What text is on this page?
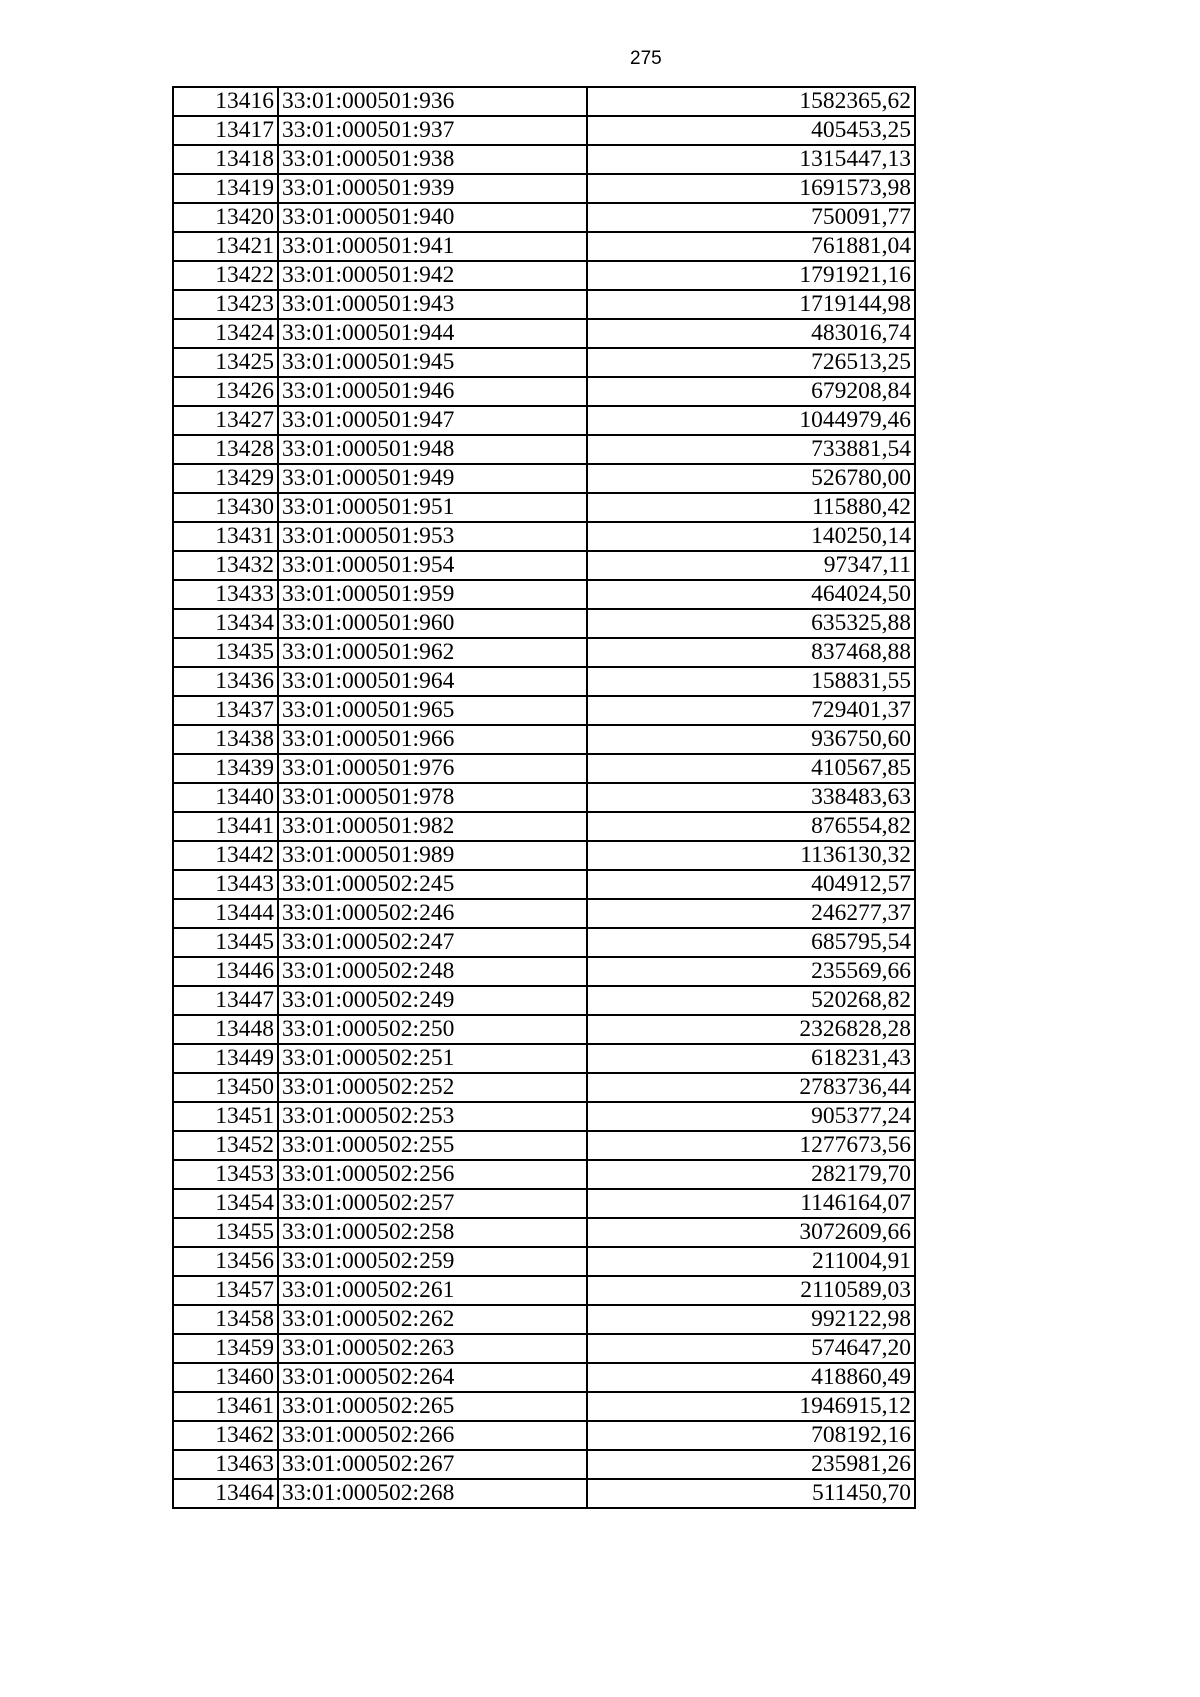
275
13416	33:01:000501:936	1582365,62
13417	33:01:000501:937	405453,25
13418	33:01:000501:938	1315447,13
13419	33:01:000501:939	1691573,98
13420	33:01:000501:940	750091,77
13421	33:01:000501:941	761881,04
13422	33:01:000501:942	1791921,16
13423	33:01:000501:943	1719144,98
13424	33:01:000501:944	483016,74
13425	33:01:000501:945	726513,25
13426	33:01:000501:946	679208,84
13427	33:01:000501:947	1044979,46
13428	33:01:000501:948	733881,54
13429	33:01:000501:949	526780,00
13430	33:01:000501:951	115880,42
13431	33:01:000501:953	140250,14
13432	33:01:000501:954	97347,11
13433	33:01:000501:959	464024,50
13434	33:01:000501:960	635325,88
13435	33:01:000501:962	837468,88
13436	33:01:000501:964	158831,55
13437	33:01:000501:965	729401,37
13438	33:01:000501:966	936750,60
13439	33:01:000501:976	410567,85
13440	33:01:000501:978	338483,63
13441	33:01:000501:982	876554,82
13442	33:01:000501:989	1136130,32
13443	33:01:000502:245	404912,57
13444	33:01:000502:246	246277,37
13445	33:01:000502:247	685795,54
13446	33:01:000502:248	235569,66
13447	33:01:000502:249	520268,82
13448	33:01:000502:250	2326828,28
13449	33:01:000502:251	618231,43
13450	33:01:000502:252	2783736,44
13451	33:01:000502:253	905377,24
13452	33:01:000502:255	1277673,56
13453	33:01:000502:256	282179,70
13454	33:01:000502:257	1146164,07
13455	33:01:000502:258	3072609,66
13456	33:01:000502:259	211004,91
13457	33:01:000502:261	2110589,03
13458	33:01:000502:262	992122,98
13459	33:01:000502:263	574647,20
13460	33:01:000502:264	418860,49
13461	33:01:000502:265	1946915,12
13462	33:01:000502:266	708192,16
13463	33:01:000502:267	235981,26
13464	33:01:000502:268	511450,70
